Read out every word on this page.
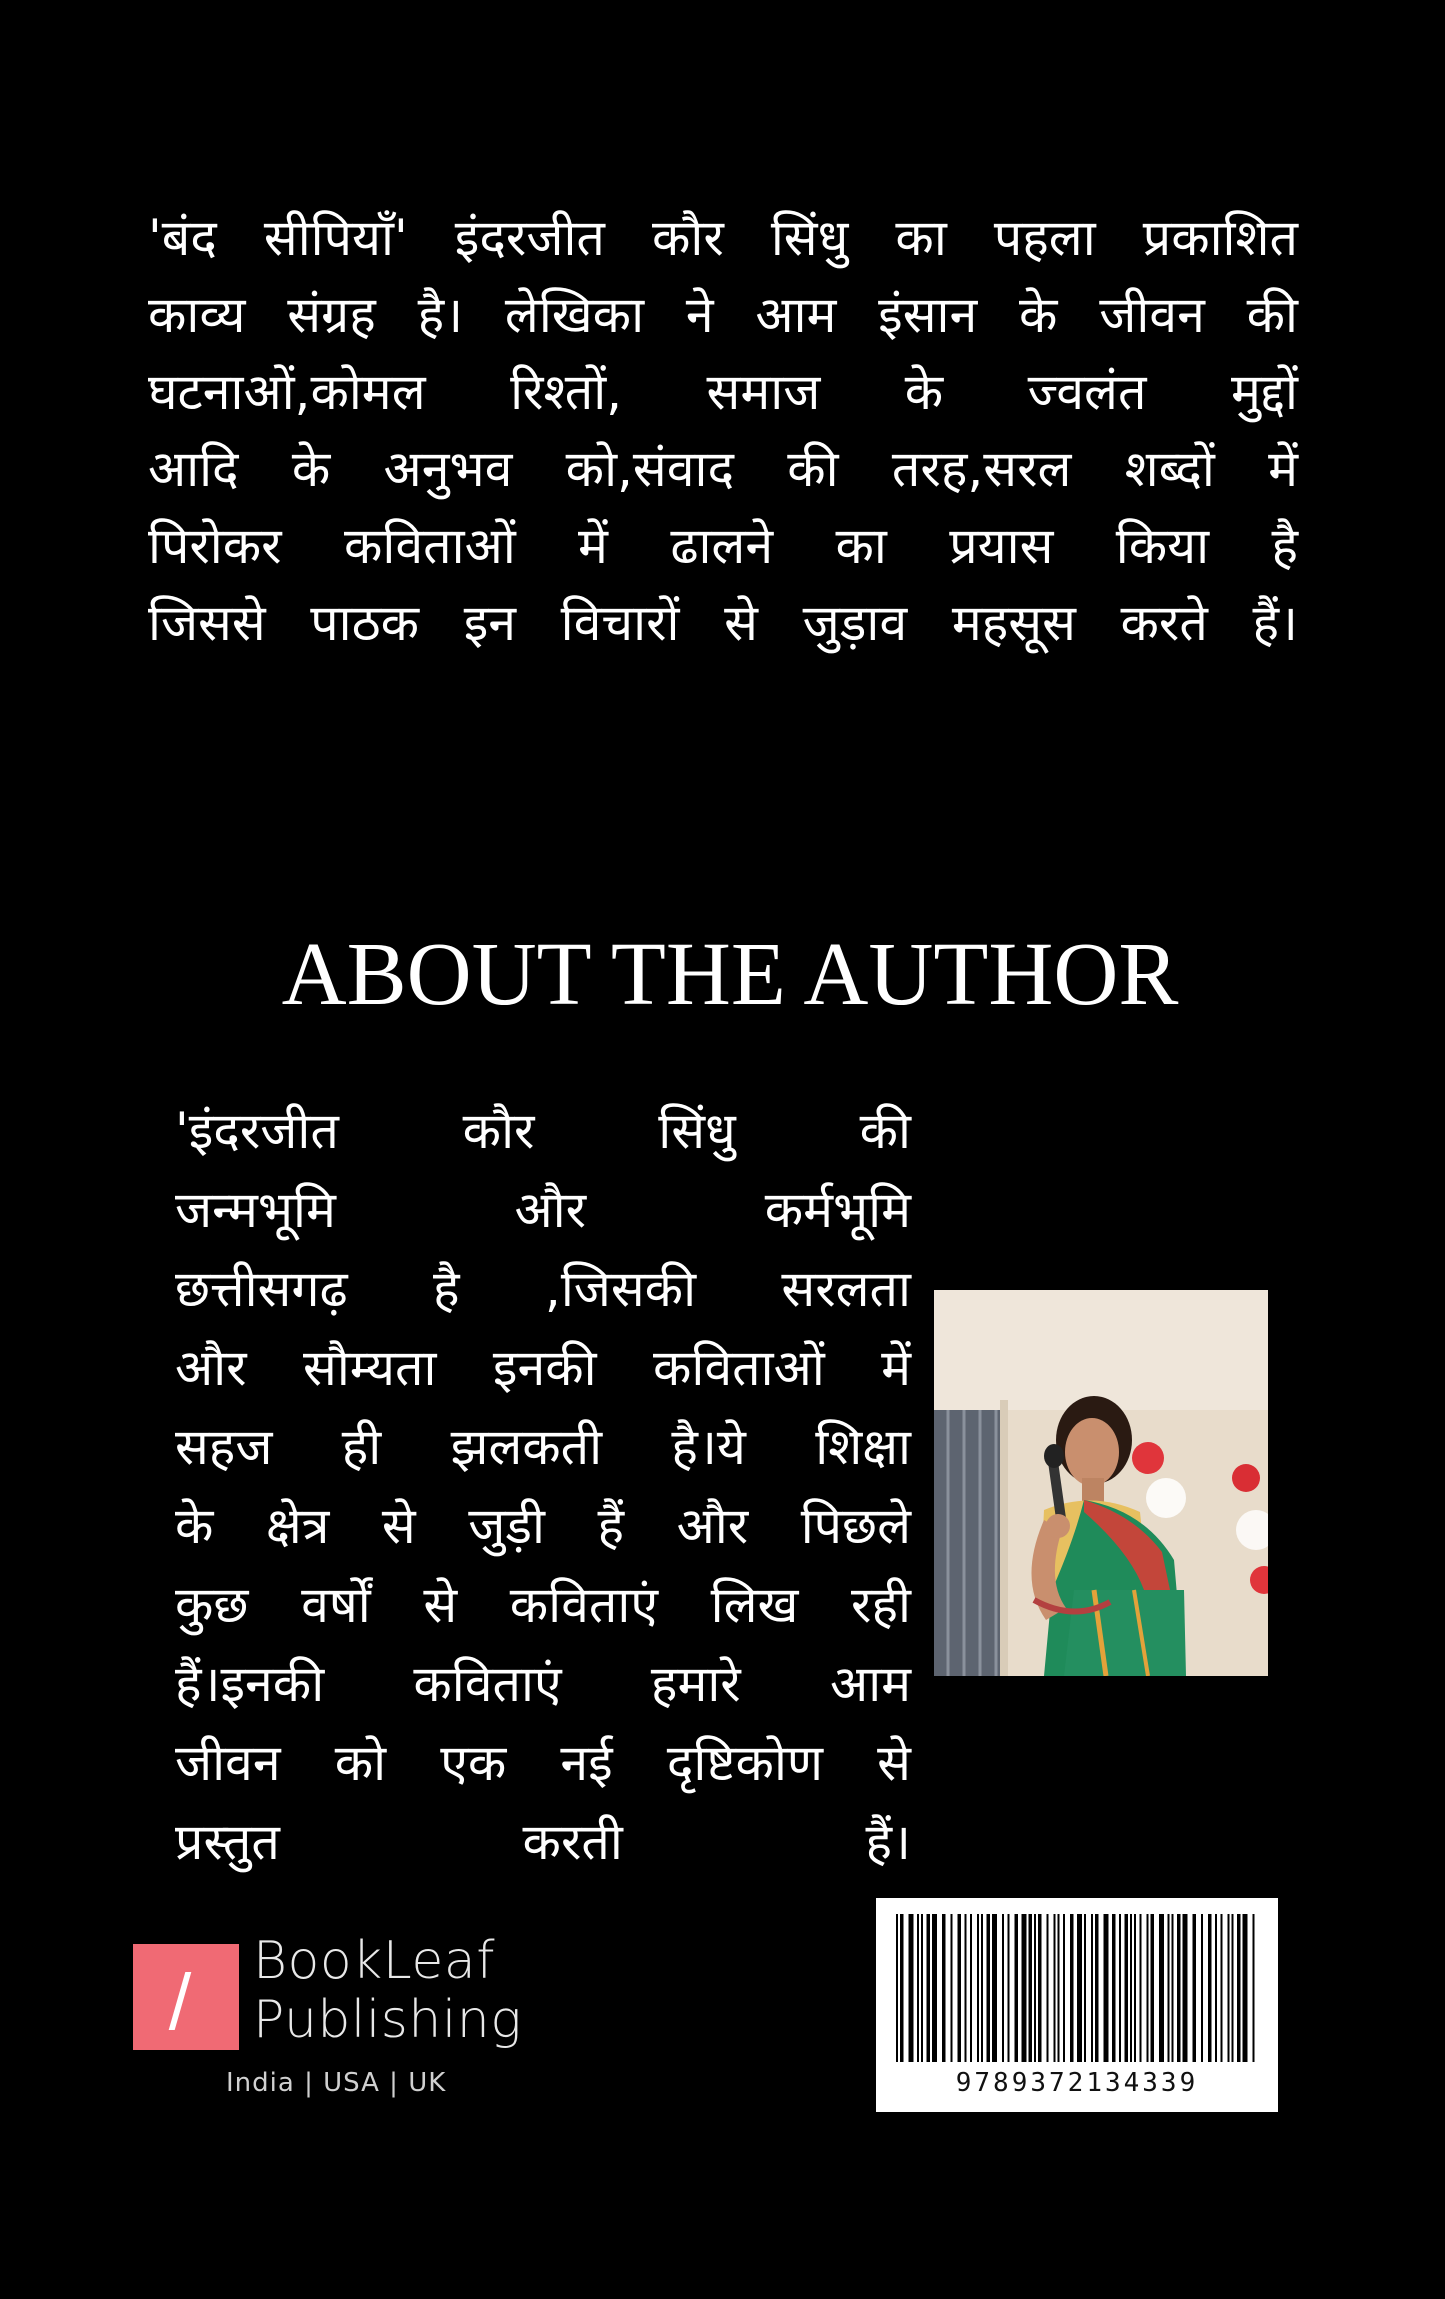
'बंद सीपियाँ' इंदरजीत कौर सिंधु का पहला प्रकाशित
काव्य संग्रह है। लेखिका ने आम इंसान के जीवन की
घटनाओं,कोमल रिश्तों, समाज के ज्वलंत मुद्दों
आदि के अनुभव को,संवाद की तरह,सरल शब्दों में
पिरोकर कविताओं में ढालने का प्रयास किया है
जिससे पाठक इन विचारों से जुड़ाव महसूस करते हैं।
ABOUT THE AUTHOR
'इंदरजीत कौर सिंधु की
जन्मभूमि और कर्मभूमि
छत्तीसगढ़ है ,जिसकी सरलता
और सौम्यता इनकी कविताओं में
सहज ही झलकती है।ये शिक्षा
के क्षेत्र से जुड़ी हैं और पिछले
कुछ वर्षों से कविताएं लिख रही
हैं।इनकी कविताएं हमारे आम
जीवन को एक नई दृष्टिकोण से
प्रस्तुत करती हैं।
BookLeaf
Publishing
India | USA | UK	9789372134339
